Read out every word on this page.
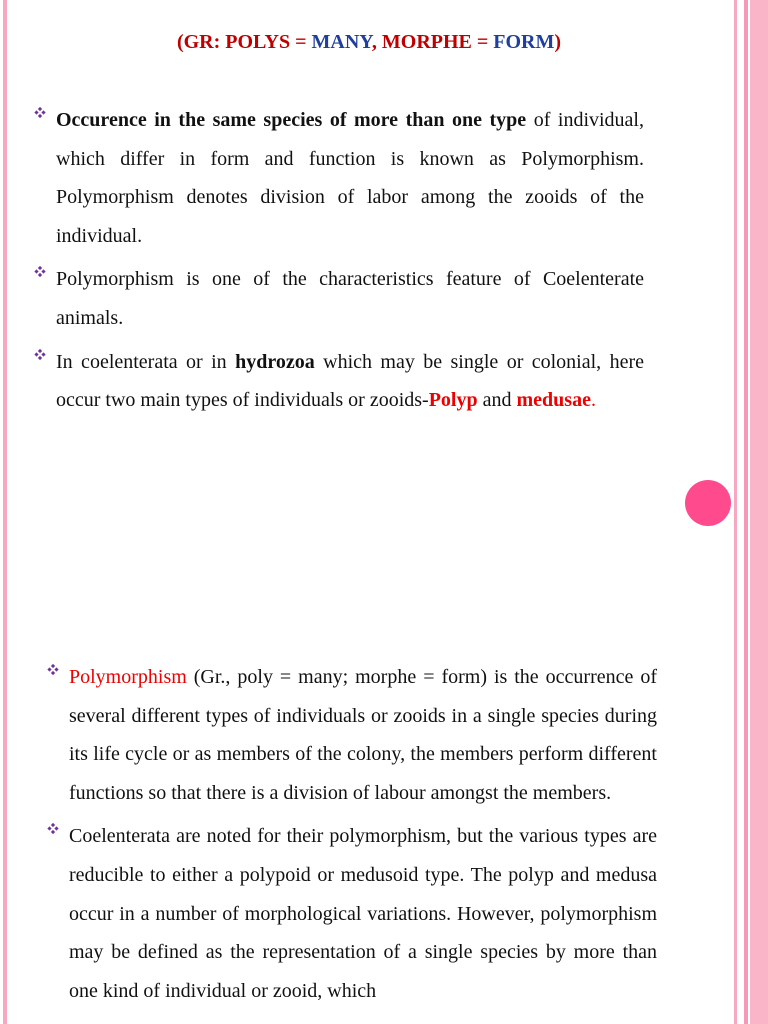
(GR: POLYS = MANY, MORPHE = FORM)
Occurence in the same species of more than one type of individual, which differ in form and function is known as Polymorphism. Polymorphism denotes division of labor among the zooids of the individual.
Polymorphism is one of the characteristics feature of Coelenterate animals.
In coelenterata or in hydrozoa which may be single or colonial, here occur two main types of individuals or zooids-Polyp and medusae.
Polymorphism (Gr., poly = many; morphe = form) is the occurrence of several different types of individuals or zooids in a single species during its life cycle or as members of the colony, the members perform different functions so that there is a division of labour amongst the members.
Coelenterata are noted for their polymorphism, but the various types are reducible to either a polypoid or medusoid type. The polyp and medusa occur in a number of morphological variations. However, polymorphism may be defined as the representation of a single species by more than one kind of individual or zooid, which
